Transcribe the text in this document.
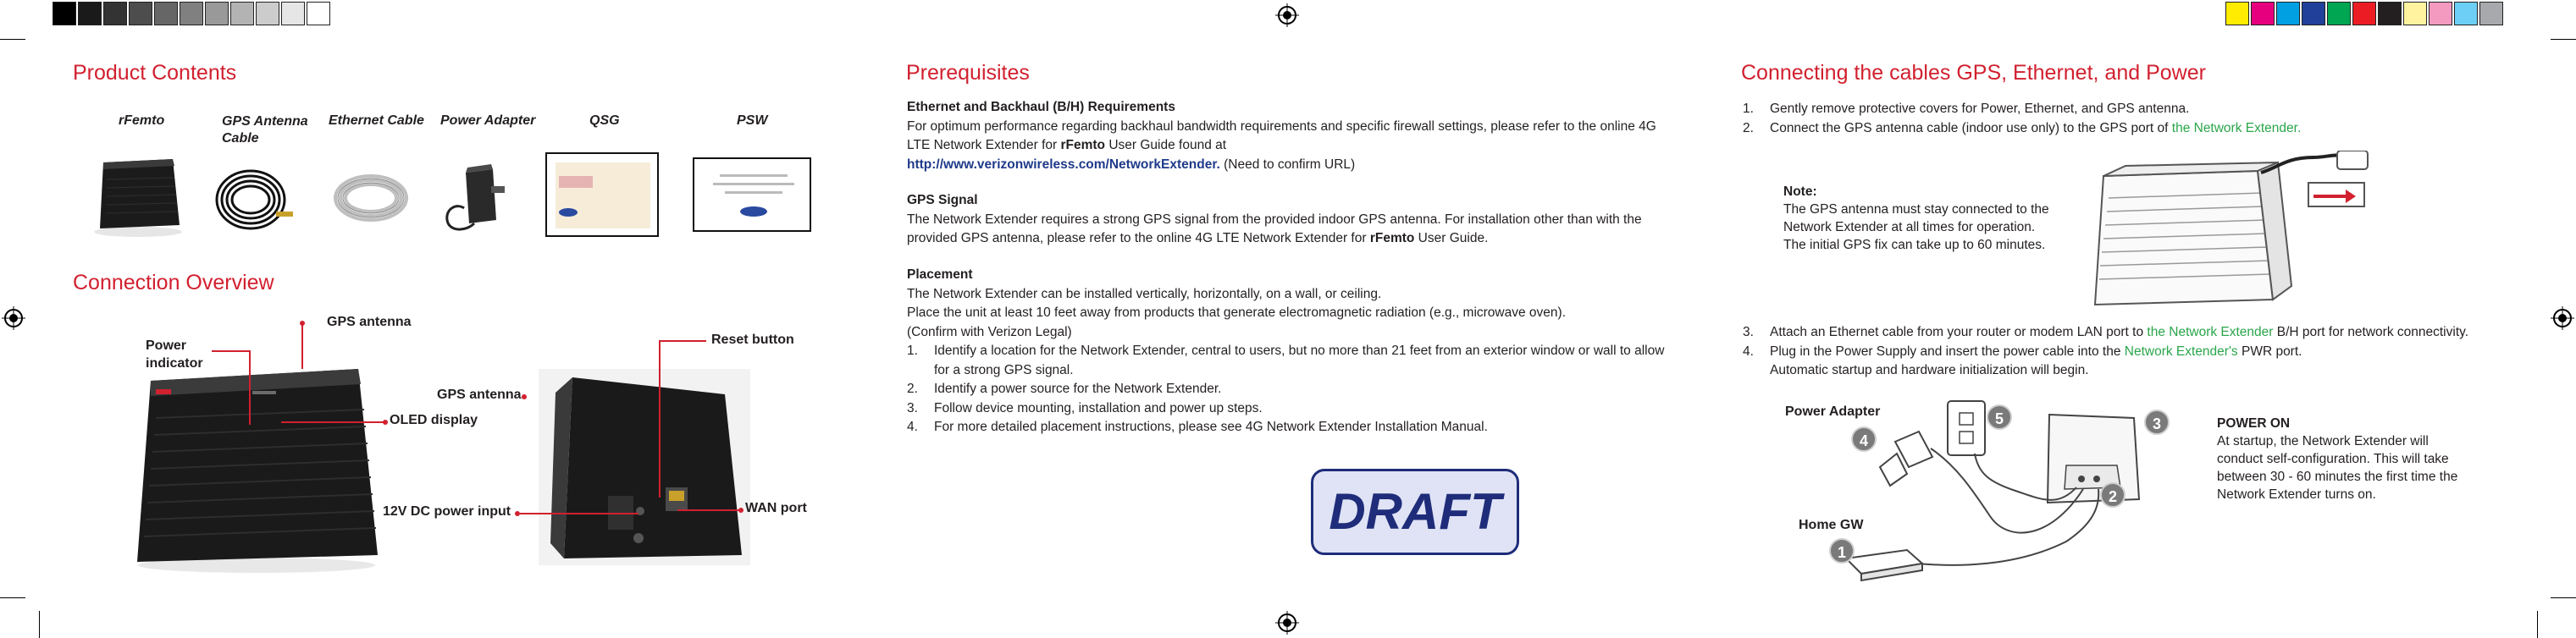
Product Contents
rFemto	GPS Antenna Cable
Ethernet Cable Power Adapter	QSG	PSW
Connection Overview
GPS antenna
Power indicator
OLED display
Reset button
GPS antenna
12V DC power input	WAN port
Prerequisites
Ethernet and Backhaul (B/H) Requirements
For optimum performance regarding backhaul bandwidth requirements and specific firewall settings, please refer to the online 4G LTE Network Extender for rFemto User Guide found at
http://www.verizonwireless.com/NetworkExtender. (Need to confirm URL)
GPS Signal
The Network Extender requires a strong GPS signal from the provided indoor GPS antenna. For installation other than with the provided GPS antenna, please refer to the online 4G LTE Network Extender for rFemto User Guide.
Placement
The Network Extender can be installed vertically, horizontally, on a wall, or ceiling.
Place the unit at least 10 feet away from products that generate electromagnetic radiation (e.g., microwave oven).
(Confirm with Verizon Legal)
1. Identify a location for the Network Extender, central to users, but no more than 21 feet from an exterior window or wall to allow for a strong GPS signal.
2. Identify a power source for the Network Extender.
3. Follow device mounting, installation and power up steps.
4. For more detailed placement instructions, please see 4G Network Extender Installation Manual.
DRAFT
Connecting the cables GPS, Ethernet, and Power
1. Gently remove protective covers for Power, Ethernet, and GPS antenna.
2. Connect the GPS antenna cable (indoor use only) to the GPS port of the Network Extender.
Note:
The GPS antenna must stay connected to the Network Extender at all times for operation. The initial GPS fix can take up to 60 minutes.
3. Attach an Ethernet cable from your router or modem LAN port to the Network Extender B/H port for network connectivity.
4. Plug in the Power Supply and insert the power cable into the Network Extender's PWR port.
Automatic startup and hardware initialization will begin.
Power Adapter
Home GW
1
2
3
4
5	POWER ON
At startup, the Network Extender will conduct self-configuration. This will take between 30 - 60 minutes the first time the Network Extender turns on.
